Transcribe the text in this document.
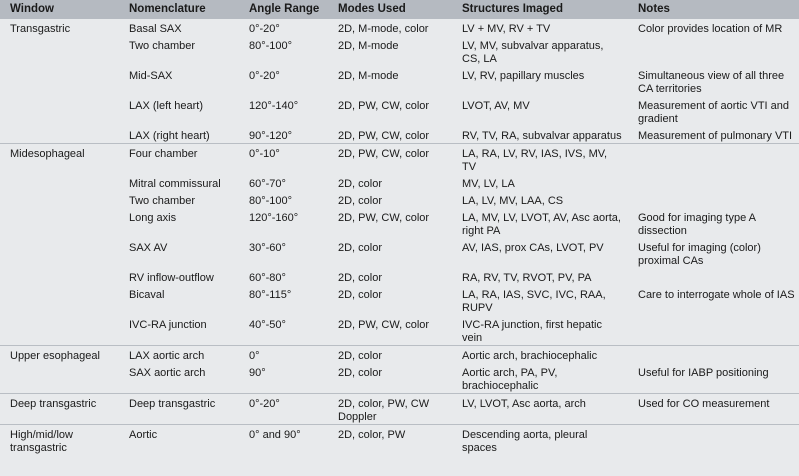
Window	Nomenclature	Angle Range	Modes Used	Structures Imaged	Notes
Transgastric	Basal SAX	0°-20°	2D, M-mode, color	LV + MV, RV + TV	Color provides location of MR
	Two chamber	80°-100°	2D, M-mode	LV, MV, subvalvar apparatus, CS, LA	
	Mid-SAX	0°-20°	2D, M-mode	LV, RV, papillary muscles	Simultaneous view of all three CA territories
	LAX (left heart)	120°-140°	2D, PW, CW, color	LVOT, AV, MV	Measurement of aortic VTI and gradient
	LAX (right heart)	90°-120°	2D, PW, CW, color	RV, TV, RA, subvalvar apparatus	Measurement of pulmonary VTI
Midesophageal	Four chamber	0°-10°	2D, PW, CW, color	LA, RA, LV, RV, IAS, IVS, MV, TV	
	Mitral commissural	60°-70°	2D, color	MV, LV, LA	
	Two chamber	80°-100°	2D, color	LA, LV, MV, LAA, CS	
	Long axis	120°-160°	2D, PW, CW, color	LA, MV, LV, LVOT, AV, Asc aorta, right PA	Good for imaging type A dissection
	SAX AV	30°-60°	2D, color	AV, IAS, prox CAs, LVOT, PV	Useful for imaging (color) proximal CAs
	RV inflow-outflow	60°-80°	2D, color	RA, RV, TV, RVOT, PV, PA	
	Bicaval	80°-115°	2D, color	LA, RA, IAS, SVC, IVC, RAA, RUPV	Care to interrogate whole of IAS
	IVC-RA junction	40°-50°	2D, PW, CW, color	IVC-RA junction, first hepatic vein	
Upper esophageal	LAX aortic arch	0°	2D, color	Aortic arch, brachiocephalic	
	SAX aortic arch	90°	2D, color	Aortic arch, PA, PV, brachiocephalic	Useful for IABP positioning
Deep transgastric	Deep transgastric	0°-20°	2D, color, PW, CW Doppler	LV, LVOT, Asc aorta, arch	Used for CO measurement
High/mid/low transgastric	Aortic	0° and 90°	2D, color, PW	Descending aorta, pleural spaces	
